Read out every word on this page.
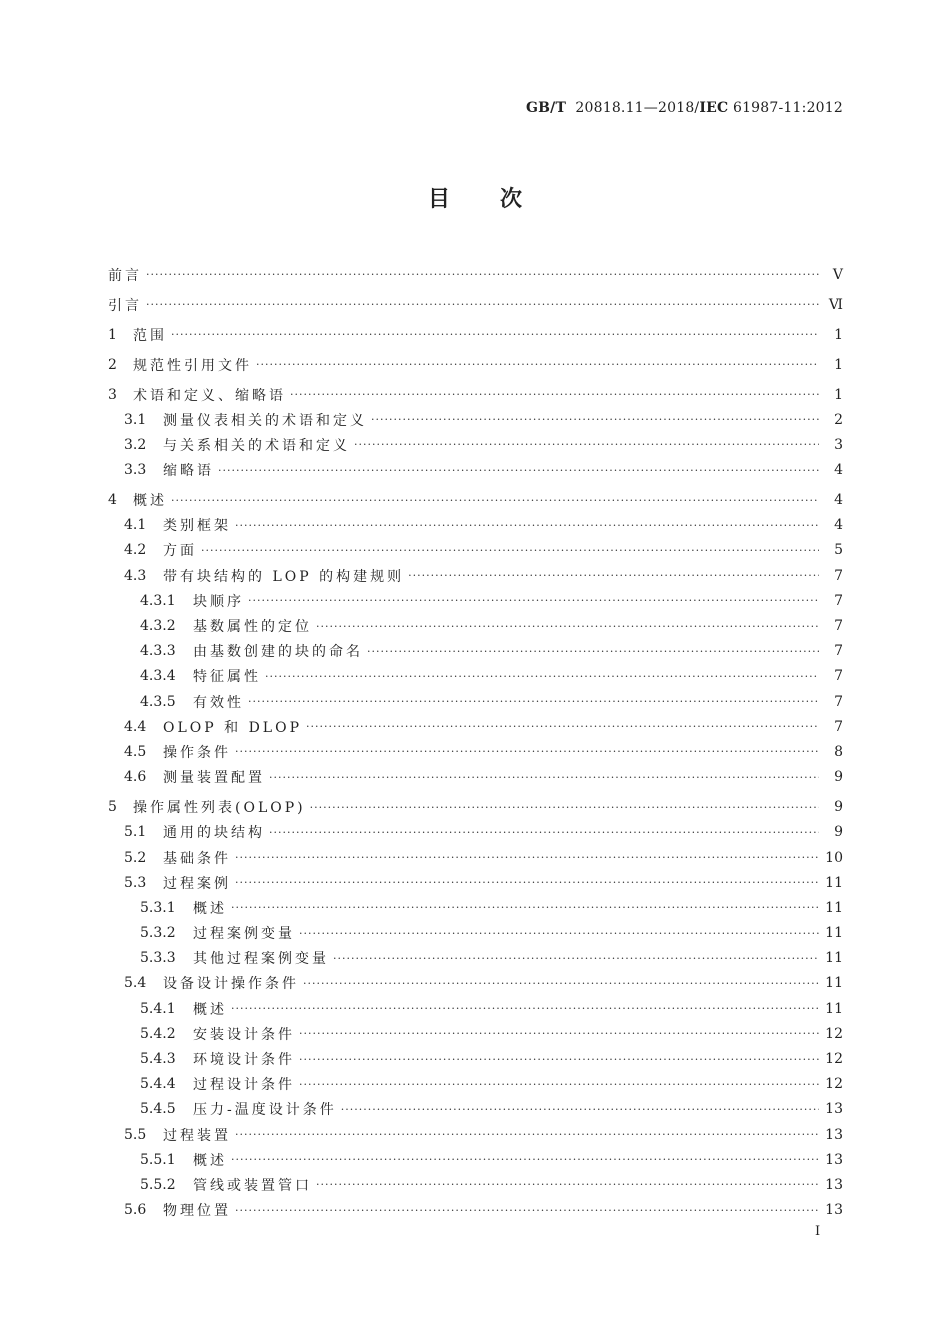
GB/T 20818.11—2018/IEC 61987-11:2012
目次
前言 ·····	Ⅴ
引言 ·····	Ⅵ
1	范围 ·····	1
2	规范性引用文件 ·····	1
3	术语和定义、缩略语 ·····	1
3.1	测量仪表相关的术语和定义 ·····	2
3.2	与关系相关的术语和定义 ·····	3
3.3	缩略语 ·····	4
4	概述 ·····	4
4.1	类别框架 ·····	4
4.2	方面 ·····	5
4.3	带有块结构的 LOP 的构建规则 ·····	7
4.3.1	块顺序 ·····	7
4.3.2	基数属性的定位 ·····	7
4.3.3	由基数创建的块的命名 ·····	7
4.3.4	特征属性 ·····	7
4.3.5	有效性 ·····	7
4.4	OLOP 和 DLOP ·····	7
4.5	操作条件 ·····	8
4.6	测量装置配置 ·····	9
5	操作属性列表(OLOP) ·····	9
5.1	通用的块结构 ·····	9
5.2	基础条件 ·····	10
5.3	过程案例 ·····	11
5.3.1	概述 ·····	11
5.3.2	过程案例变量 ·····	11
5.3.3	其他过程案例变量 ·····	11
5.4	设备设计操作条件 ·····	11
5.4.1	概述 ·····	11
5.4.2	安装设计条件 ·····	12
5.4.3	环境设计条件 ·····	12
5.4.4	过程设计条件 ·····	12
5.4.5	压力-温度设计条件 ·····	13
5.5	过程装置 ·····	13
5.5.1	概述 ·····	13
5.5.2	管线或装置管口 ·····	13
5.6	物理位置 ·····	13
I
